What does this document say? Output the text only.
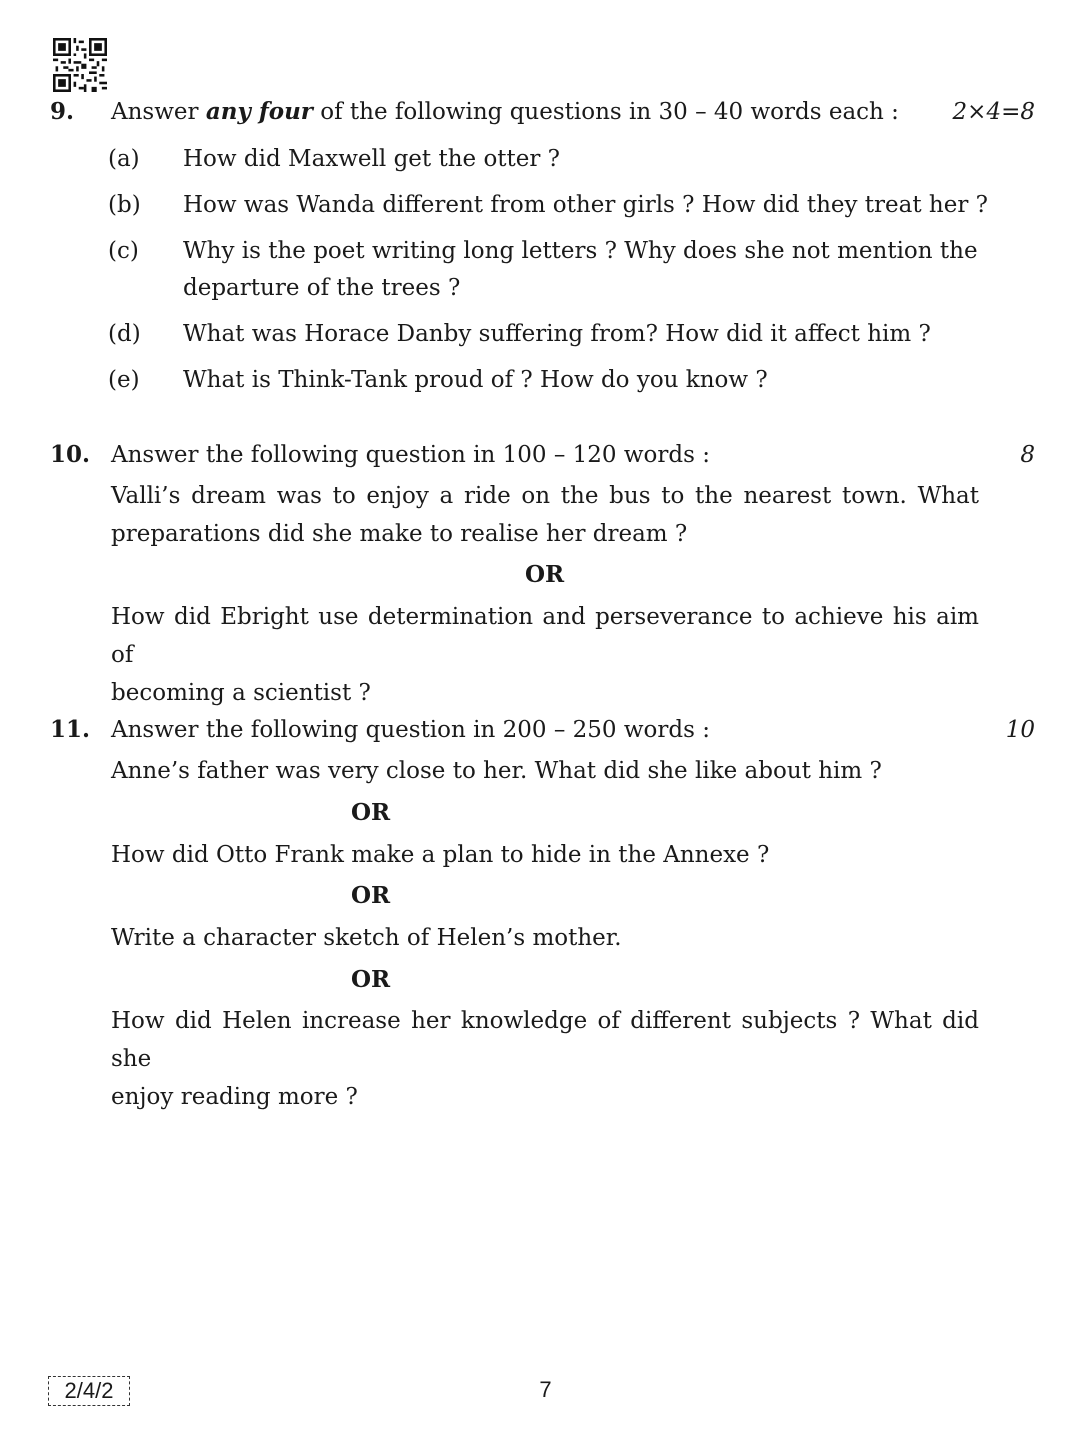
9. Answer any four of the following questions in 30 – 40 words each : 2×4=8
(a) How did Maxwell get the otter ?
(b) How was Wanda different from other girls ? How did they treat her ?
(c) Why is the poet writing long letters ? Why does she not mention the
departure of the trees ?
(d) What was Horace Danby suffering from? How did it affect him ?
(e) What is Think-Tank proud of ? How do you know ?
10. Answer the following question in 100 – 120 words :	8
Valli’s dream was to enjoy a ride on the bus to the nearest town. What
preparations did she make to realise her dream ?
OR
How did Ebright use determination and perseverance to achieve his aim of
becoming a scientist ?
11. Answer the following question in 200 – 250 words :	10
Anne’s father was very close to her. What did she like about him ?
OR
How did Otto Frank make a plan to hide in the Annexe ?
OR
Write a character sketch of Helen’s mother.
OR
How did Helen increase her knowledge of different subjects ? What did she
enjoy reading more ?
2/4/2	7
